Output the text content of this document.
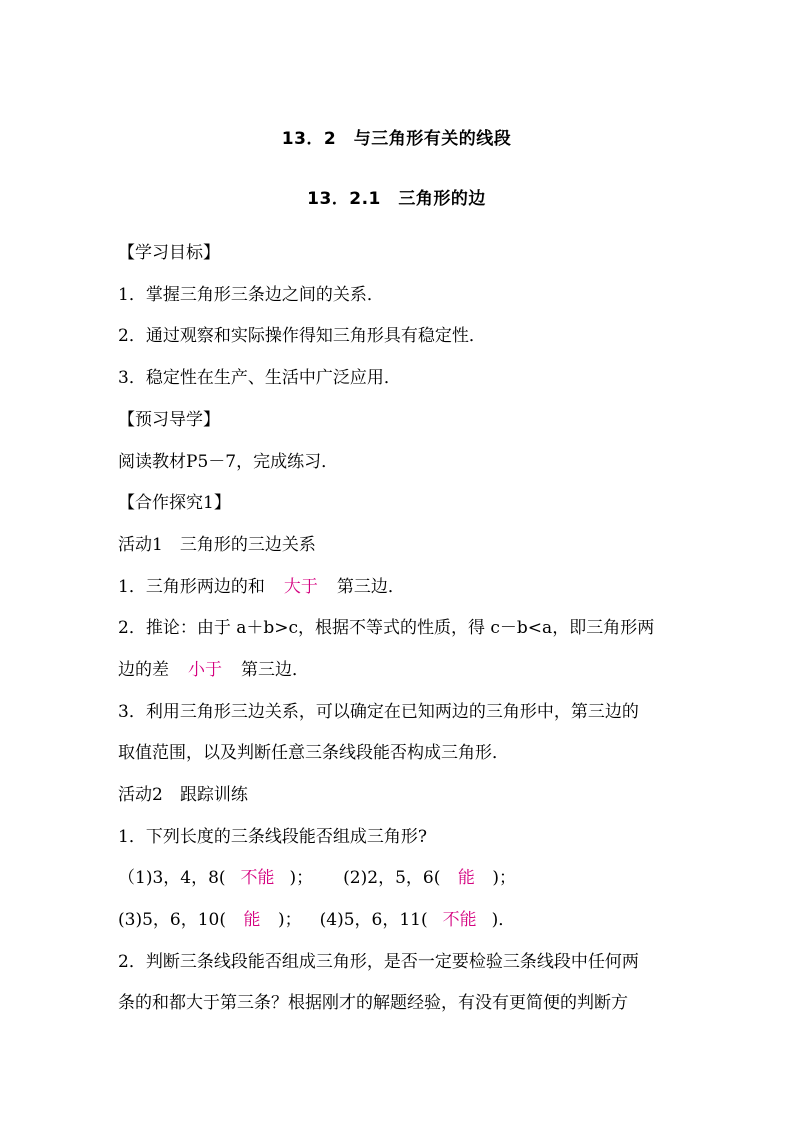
13．2　与三角形有关的线段
13．2.1　三角形的边
【学习目标】
1．掌握三角形三条边之间的关系．
2．通过观察和实际操作得知三角形具有稳定性．
3．稳定性在生产、生活中广泛应用．
【预习导学】
阅读教材P5－7，完成练习．
【合作探究1】
活动1　三角形的三边关系
1．三角形两边的和 大于 第三边．
2．推论：由于 a＋b>c，根据不等式的性质，得 c－b<a，即三角形两
边的差 小于 第三边．
3．利用三角形三边关系，可以确定在已知两边的三角形中，第三边的
取值范围，以及判断任意三条线段能否构成三角形．
活动2　跟踪训练
1．下列长度的三条线段能否组成三角形?
（1)3，4，8( 不能 )； (2)2，5，6( 能 )；
(3)5，6，10( 能 )； (4)5，6，11( 不能 )．
2．判断三条线段能否组成三角形，是否一定要检验三条线段中任何两
条的和都大于第三条？根据刚才的解题经验，有没有更简便的判断方
